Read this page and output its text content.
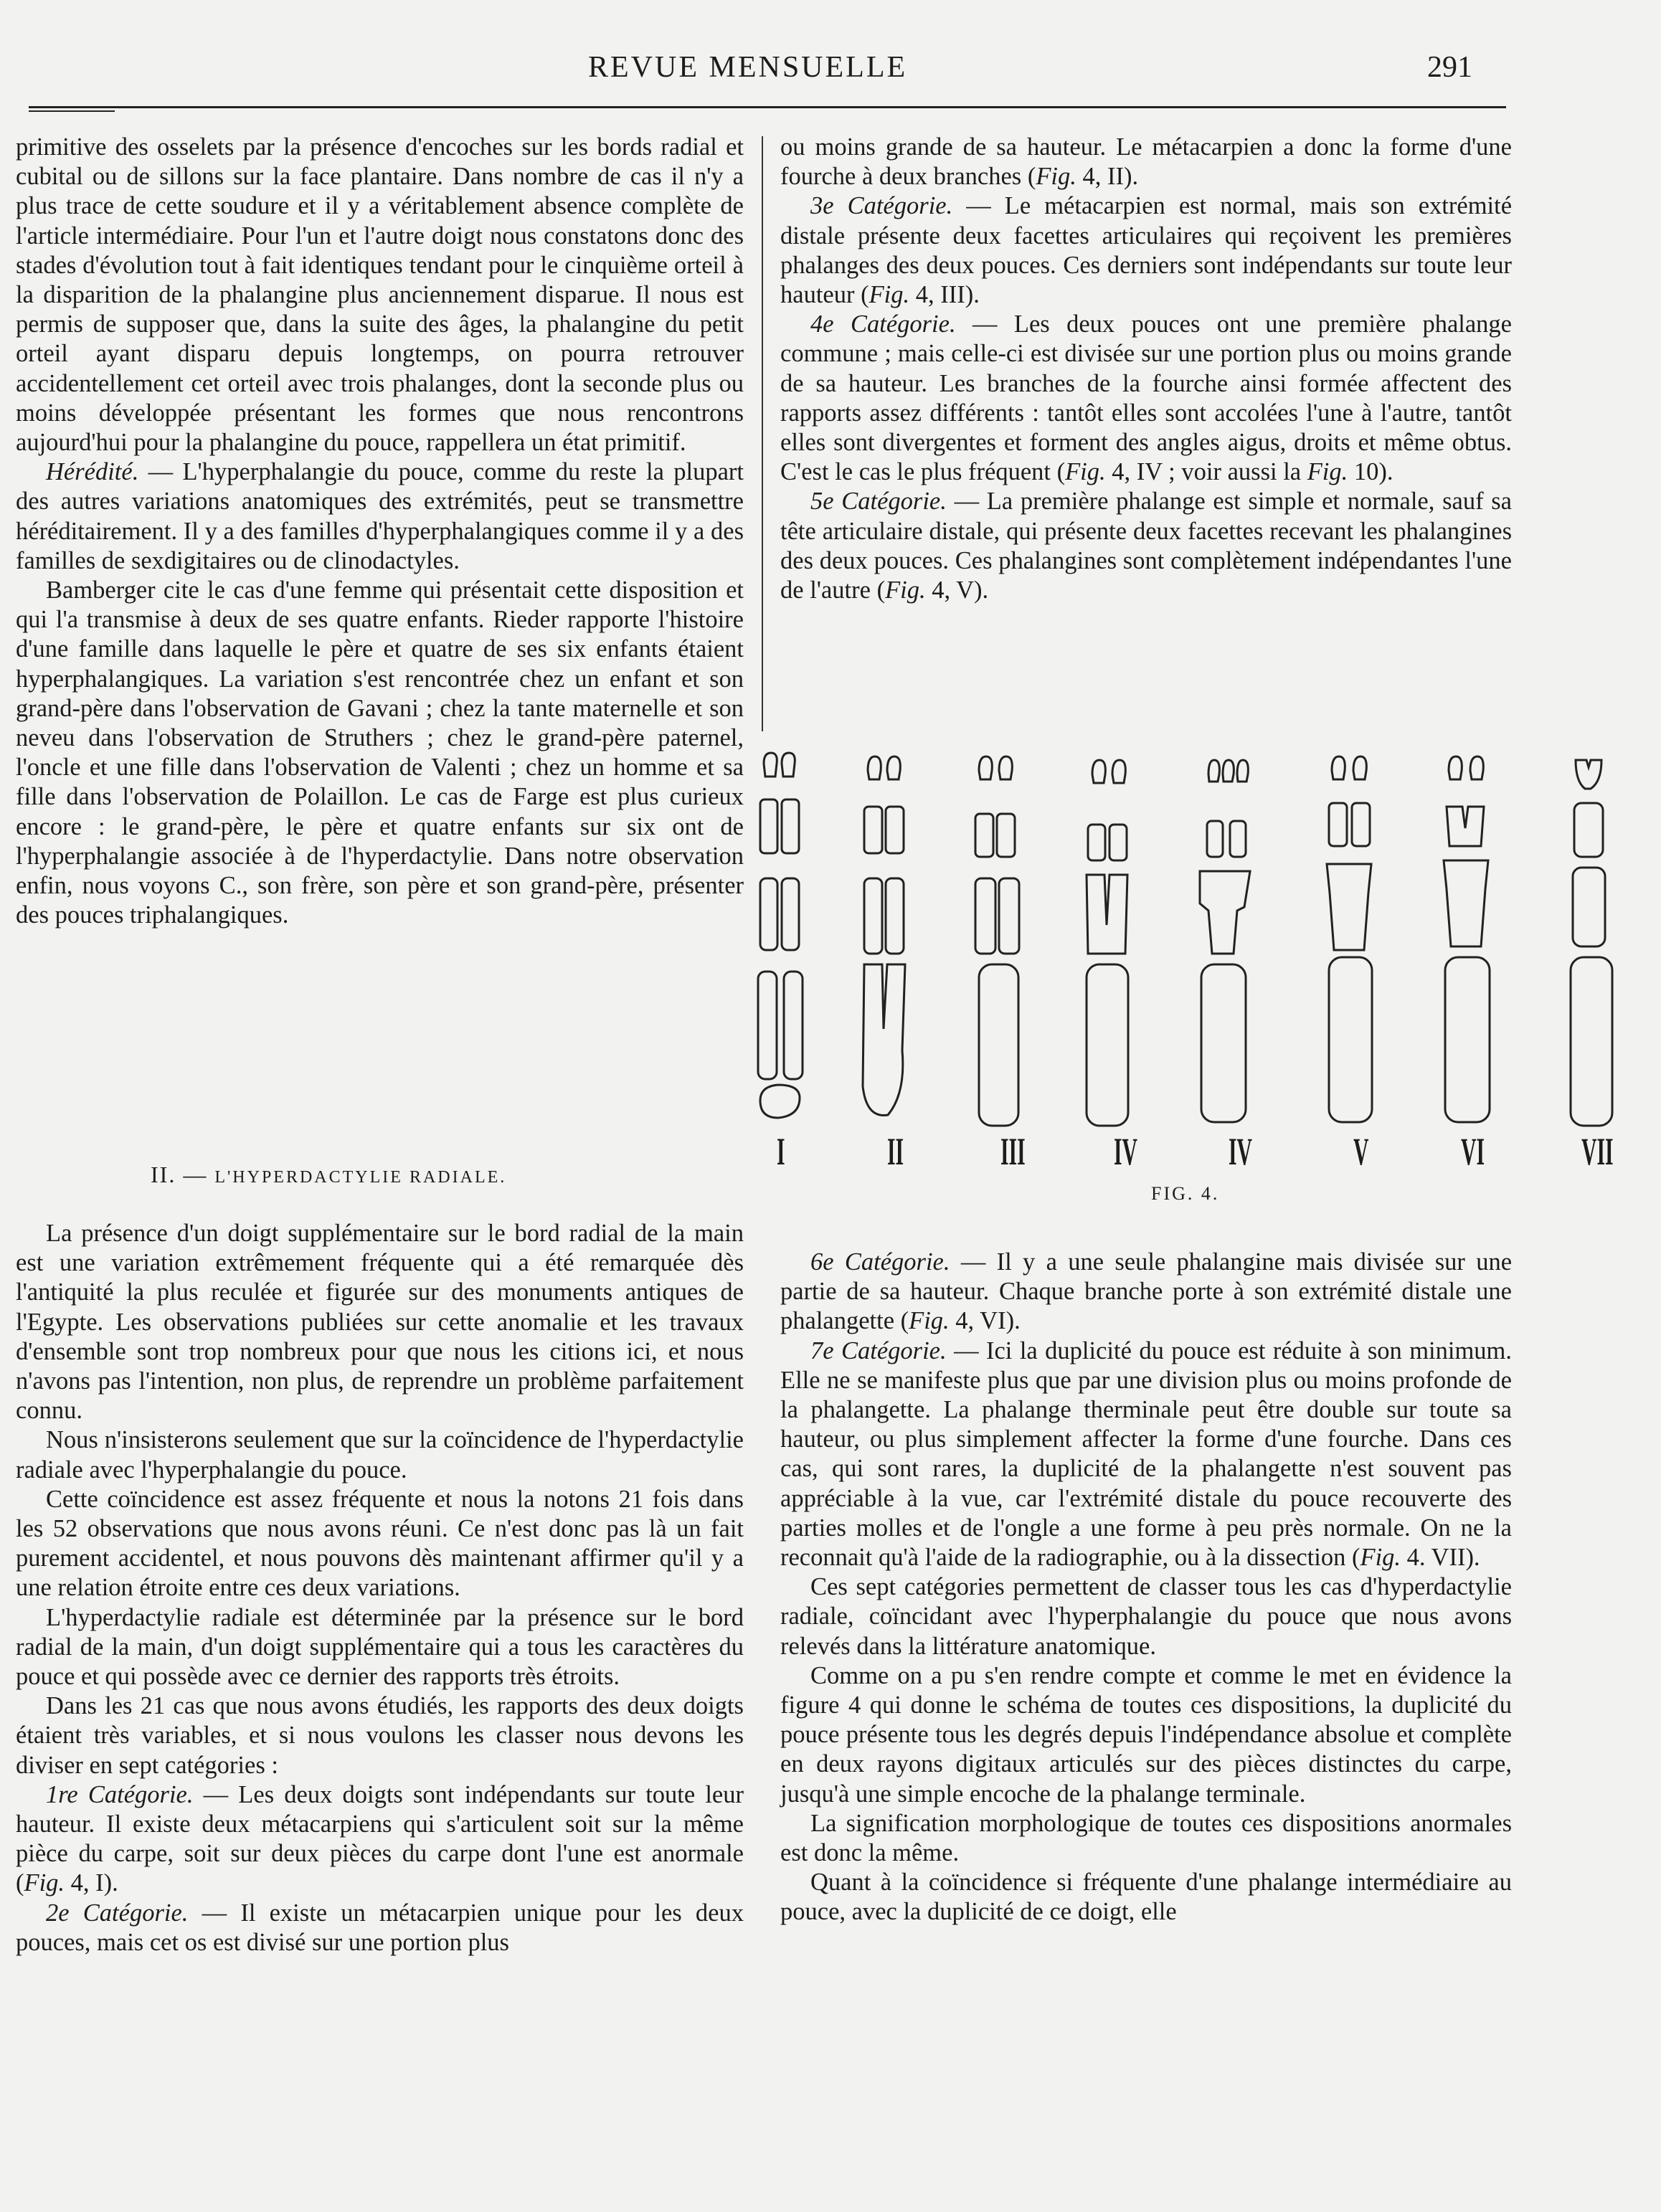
REVUE MENSUELLE	291

primitive des osselets par la présence d'encoches sur les bords radial et cubital ou de sillons sur la face plantaire. Dans nombre de cas il n'y a plus trace de cette soudure et il y a véritablement absence complète de l'article intermédiaire. Pour l'un et l'autre doigt nous constatons donc des stades d'évolution tout à fait identiques tendant pour le cinquième orteil à la disparition de la phalangine plus anciennement disparue. Il nous est permis de supposer que, dans la suite des âges, la phalangine du petit orteil ayant disparu depuis longtemps, on pourra retrouver accidentellement cet orteil avec trois phalanges, dont la seconde plus ou moins développée présentant les formes que nous rencontrons aujourd'hui pour la phalangine du pouce, rappellera un état primitif.

Hérédité. — L'hyperphalangie du pouce, comme du reste la plupart des autres variations anatomiques des extrémités, peut se transmettre héréditairement. Il y a des familles d'hyperphalangiques comme il y a des familles de sexdigitaires ou de clinodactyles.

Bamberger cite le cas d'une femme qui présentait cette disposition et qui l'a transmise à deux de ses quatre enfants. Rieder rapporte l'histoire d'une famille dans laquelle le père et quatre de ses six enfants étaient hyperphalangiques. La variation s'est rencontrée chez un enfant et son grand-père dans l'observation de Gavani ; chez la tante maternelle et son neveu dans l'observation de Struthers ; chez le grand-père paternel, l'oncle et une fille dans l'observation de Valenti ; chez un homme et sa fille dans l'observation de Polaillon. Le cas de Farge est plus curieux encore : le grand-père, le père et quatre enfants sur six ont de l'hyperphalangie associée à de l'hyperdactylie. Dans notre observation enfin, nous voyons C., son frère, son père et son grand-père, présenter des pouces triphalangiques.

ou moins grande de sa hauteur. Le métacarpien a donc la forme d'une fourche à deux branches (Fig. 4, II).

3e Catégorie. — Le métacarpien est normal, mais son extrémité distale présente deux facettes articulaires qui reçoivent les premières phalanges des deux pouces. Ces derniers sont indépendants sur toute leur hauteur (Fig. 4, III).

4e Catégorie. — Les deux pouces ont une première phalange commune ; mais celle-ci est divisée sur une portion plus ou moins grande de sa hauteur. Les branches de la fourche ainsi formée affectent des rapports assez différents : tantôt elles sont accolées l'une à l'autre, tantôt elles sont divergentes et forment des angles aigus, droits et même obtus. C'est le cas le plus fréquent (Fig. 4, IV ; voir aussi la Fig. 10).

5e Catégorie. — La première phalange est simple et normale, sauf sa tête articulaire distale, qui présente deux facettes recevant les phalangines des deux pouces. Ces phalangines sont complètement indépendantes l'une de l'autre (Fig. 4, V).

I	II III IV IV	V VI VII
FIG. 4.
II. — L'HYPERDACTYLIE RADIALE.

La présence d'un doigt supplémentaire sur le bord radial de la main est une variation extrêmement fréquente qui a été remarquée dès l'antiquité la plus reculée et figurée sur des monuments antiques de l'Egypte. Les observations publiées sur cette anomalie et les travaux d'ensemble sont trop nombreux pour que nous les citions ici, et nous n'avons pas l'intention, non plus, de reprendre un problème parfaitement connu.

Nous n'insisterons seulement que sur la coïncidence de l'hyperdactylie radiale avec l'hyperphalangie du pouce.

Cette coïncidence est assez fréquente et nous la notons 21 fois dans les 52 observations que nous avons réuni. Ce n'est donc pas là un fait purement accidentel, et nous pouvons dès maintenant affirmer qu'il y a une relation étroite entre ces deux variations.

L'hyperdactylie radiale est déterminée par la présence sur le bord radial de la main, d'un doigt supplémentaire qui a tous les caractères du pouce et qui possède avec ce dernier des rapports très étroits.

Dans les 21 cas que nous avons étudiés, les rapports des deux doigts étaient très variables, et si nous voulons les classer nous devons les diviser en sept catégories :

1re Catégorie. — Les deux doigts sont indépendants sur toute leur hauteur. Il existe deux métacarpiens qui s'articulent soit sur la même pièce du carpe, soit sur deux pièces du carpe dont l'une est anormale (Fig. 4, I).

2e Catégorie. — Il existe un métacarpien unique pour les deux pouces, mais cet os est divisé sur une portion plus

6e Catégorie. — Il y a une seule phalangine mais divisée sur une partie de sa hauteur. Chaque branche porte à son extrémité distale une phalangette (Fig. 4, VI).

7e Catégorie. — Ici la duplicité du pouce est réduite à son minimum. Elle ne se manifeste plus que par une division plus ou moins profonde de la phalangette. La phalange therminale peut être double sur toute sa hauteur, ou plus simplement affecter la forme d'une fourche. Dans ces cas, qui sont rares, la duplicité de la phalangette n'est souvent pas appréciable à la vue, car l'extrémité distale du pouce recouverte des parties molles et de l'ongle a une forme à peu près normale. On ne la reconnait qu'à l'aide de la radiographie, ou à la dissection (Fig. 4. VII).

Ces sept catégories permettent de classer tous les cas d'hyperdactylie radiale, coïncidant avec l'hyperphalangie du pouce que nous avons relevés dans la littérature anatomique.

Comme on a pu s'en rendre compte et comme le met en évidence la figure 4 qui donne le schéma de toutes ces dispositions, la duplicité du pouce présente tous les degrés depuis l'indépendance absolue et complète en deux rayons digitaux articulés sur des pièces distinctes du carpe, jusqu'à une simple encoche de la phalange terminale.

La signification morphologique de toutes ces dispositions anormales est donc la même.

Quant à la coïncidence si fréquente d'une phalange intermédiaire au pouce, avec la duplicité de ce doigt, elle
